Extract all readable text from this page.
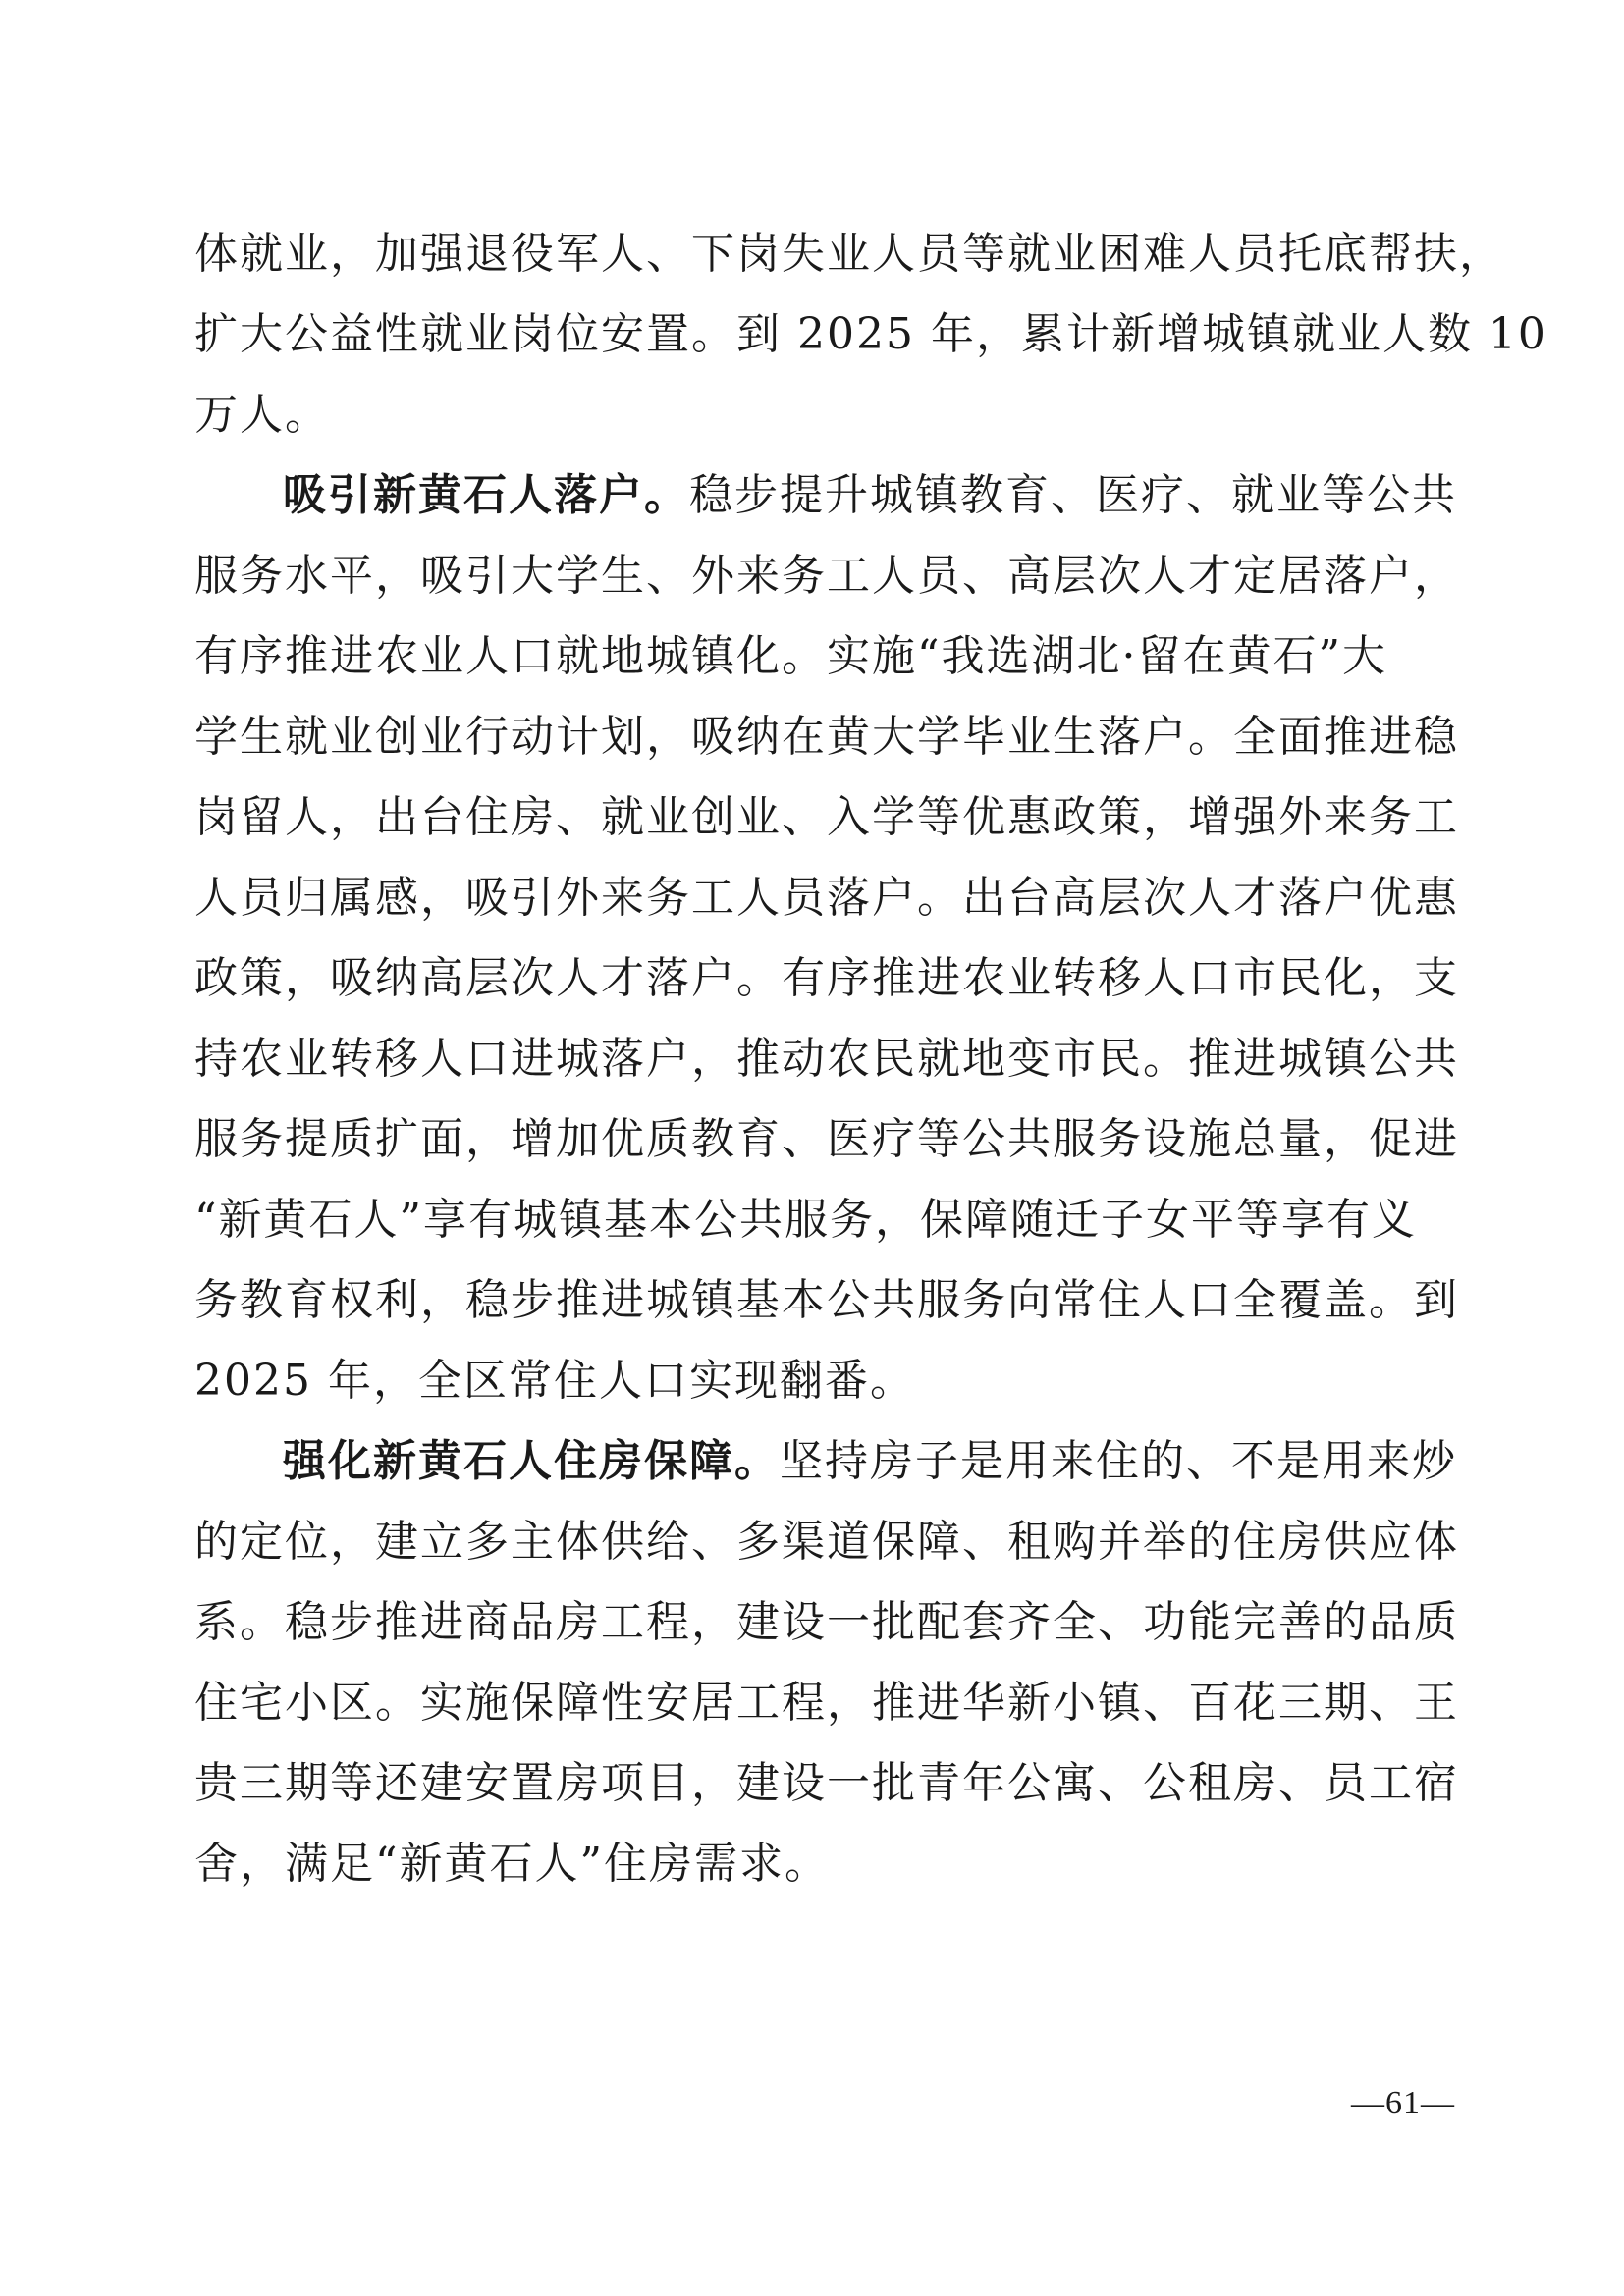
体就业，加强退役军人、下岗失业人员等就业困难人员托底帮扶，
扩大公益性就业岗位安置。到 2025 年，累计新增城镇就业人数 10
万人。
吸引新黄石人落户。稳步提升城镇教育、医疗、就业等公共
服务水平，吸引大学生、外来务工人员、高层次人才定居落户，
有序推进农业人口就地城镇化。实施“我选湖北·留在黄石”大
学生就业创业行动计划，吸纳在黄大学毕业生落户。全面推进稳
岗留人，出台住房、就业创业、入学等优惠政策，增强外来务工
人员归属感，吸引外来务工人员落户。出台高层次人才落户优惠
政策，吸纳高层次人才落户。有序推进农业转移人口市民化，支
持农业转移人口进城落户，推动农民就地变市民。推进城镇公共
服务提质扩面，增加优质教育、医疗等公共服务设施总量，促进
“新黄石人”享有城镇基本公共服务，保障随迁子女平等享有义
务教育权利，稳步推进城镇基本公共服务向常住人口全覆盖。到
2025 年，全区常住人口实现翻番。
强化新黄石人住房保障。坚持房子是用来住的、不是用来炒
的定位，建立多主体供给、多渠道保障、租购并举的住房供应体
系。稳步推进商品房工程，建设一批配套齐全、功能完善的品质
住宅小区。实施保障性安居工程，推进华新小镇、百花三期、王
贵三期等还建安置房项目，建设一批青年公寓、公租房、员工宿
舍，满足“新黄石人”住房需求。
—61—
